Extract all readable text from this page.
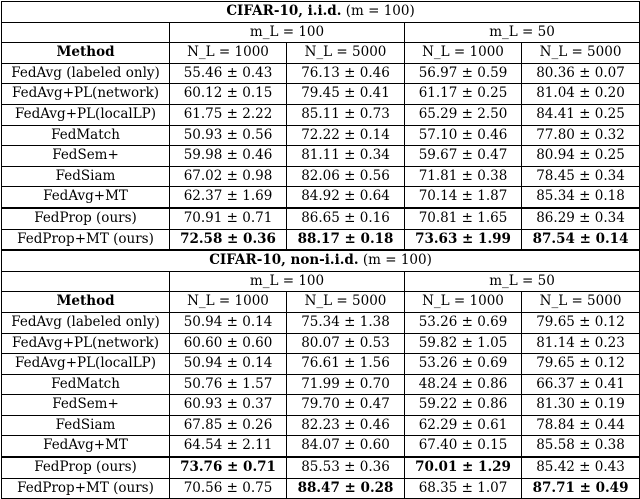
CIFAR-10, i.i.d. (m = 100)				
	m_L = 100		m_L = 50	
Method	N_L = 1000	N_L = 5000	N_L = 1000	N_L = 5000
FedAvg (labeled only)	55.46 ± 0.43	76.13 ± 0.46	56.97 ± 0.59	80.36 ± 0.07
FedAvg+PL(network)	60.12 ± 0.15	79.45 ± 0.41	61.17 ± 0.25	81.04 ± 0.20
FedAvg+PL(localLP)	61.75 ± 2.22	85.11 ± 0.73	65.29 ± 2.50	84.41 ± 0.25
FedMatch	50.93 ± 0.56	72.22 ± 0.14	57.10 ± 0.46	77.80 ± 0.32
FedSem+	59.98 ± 0.46	81.11 ± 0.34	59.67 ± 0.47	80.94 ± 0.25
FedSiam	67.02 ± 0.98	82.06 ± 0.56	71.81 ± 0.38	78.45 ± 0.34
FedAvg+MT	62.37 ± 1.69	84.92 ± 0.64	70.14 ± 1.87	85.34 ± 0.18
FedProp (ours)	70.91 ± 0.71	86.65 ± 0.16	70.81 ± 1.65	86.29 ± 0.34
FedProp+MT (ours)	72.58 ± 0.36	88.17 ± 0.18	73.63 ± 1.99	87.54 ± 0.14
CIFAR-10, non-i.i.d. (m = 100)				
	m_L = 100		m_L = 50	
Method	N_L = 1000	N_L = 5000	N_L = 1000	N_L = 5000
FedAvg (labeled only)	50.94 ± 0.14	75.34 ± 1.38	53.26 ± 0.69	79.65 ± 0.12
FedAvg+PL(network)	60.60 ± 0.60	80.07 ± 0.53	59.82 ± 1.05	81.14 ± 0.23
FedAvg+PL(localLP)	50.94 ± 0.14	76.61 ± 1.56	53.26 ± 0.69	79.65 ± 0.12
FedMatch	50.76 ± 1.57	71.99 ± 0.70	48.24 ± 0.86	66.37 ± 0.41
FedSem+	60.93 ± 0.37	79.70 ± 0.47	59.22 ± 0.86	81.30 ± 0.19
FedSiam	67.85 ± 0.26	82.23 ± 0.46	62.29 ± 0.61	78.84 ± 0.44
FedAvg+MT	64.54 ± 2.11	84.07 ± 0.60	67.40 ± 0.15	85.58 ± 0.38
FedProp (ours)	73.76 ± 0.71	85.53 ± 0.36	70.01 ± 1.29	85.42 ± 0.43
FedProp+MT (ours)	70.56 ± 0.75	88.47 ± 0.28	68.35 ± 1.07	87.71 ± 0.49
